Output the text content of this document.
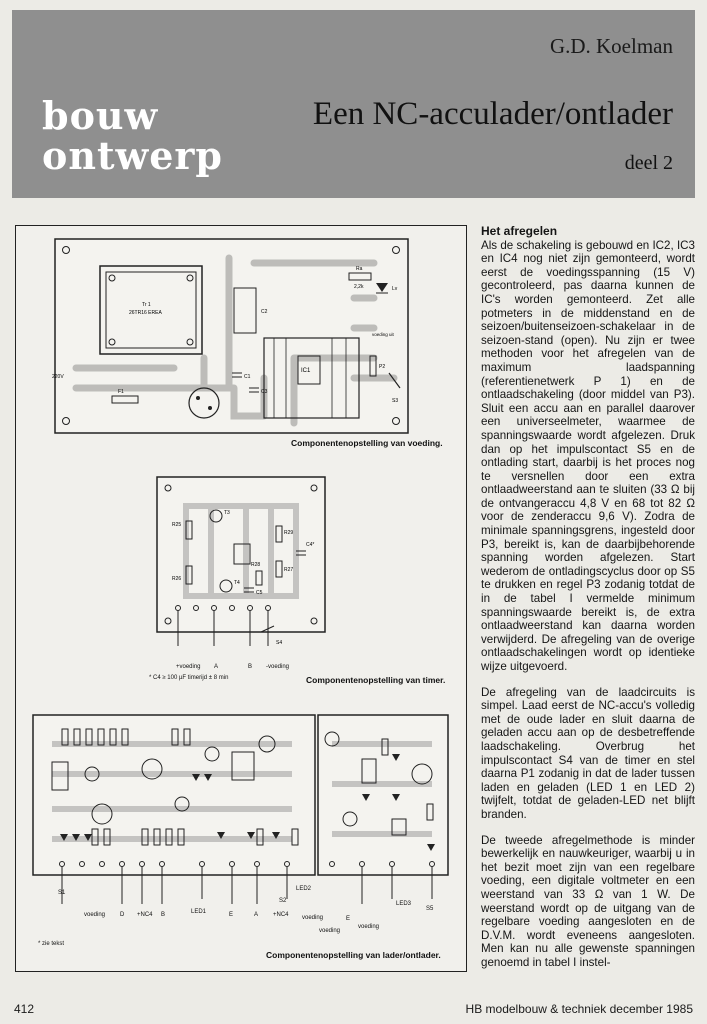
G.D. Koelman
bouw
ontwerp
Een NC-acculader/ontlader
deel 2
Tr 1
26TR16 EREA	C2
IC1
Ra
2,2k	Lv
voeding uit
C1
C3
F1
220V
P2
S3
Componentenopstelling van voeding.
T3
T4
R25
R26
R29
R27
R28
C4*
C5
S4
+voeding A	B -voeding
* C4 ≥ 100 µF timerijd ± 8 min	Componentenopstelling van timer.
S1
voeding D +NC4 B	LED1	E	A +NC4
S2
LED2
voeding
voeding
E
voeding
LED3
S5
* zie tekst
Componentenopstelling van lader/ontlader.
Het afregelen

Als de schakeling is gebouwd en IC2, IC3 en IC4 nog niet zijn gemonteerd, wordt eerst de voedingsspanning (15 V) gecontroleerd, pas daarna kunnen de IC's worden gemonteerd. Zet alle potmeters in de middenstand en de seizoen/buitenseizoen-schakelaar in de seizoen-stand (open). Nu zijn er twee methoden voor het afregelen van de maximum laadspanning (referentienetwerk P 1) en de ontlaadschakeling (door middel van P3). Sluit een accu aan en parallel daarover een universeelmeter, waarmee de spanningswaarde wordt afgelezen. Druk dan op het impulscontact S5 en de ontlading start, daarbij is het proces nog te versnellen door een extra ontlaadweerstand aan te sluiten (33 Ω bij de ontvangeraccu 4,8 V en 68 tot 82 Ω voor de zenderaccu 9,6 V). Zodra de minimale spanningsgrens, ingesteld door P3, bereikt is, kan de daarbijbehorende spanning worden afgelezen. Start wederom de ontladingscyclus door op S5 te drukken en regel P3 zodanig totdat de in de tabel I vermelde minimum spanningswaarde bereikt is, de extra ontlaadweerstand kan daarna worden verwijderd. De afregeling van de overige ontlaadschakelingen wordt op identieke wijze uitgevoerd.

De afregeling van de laadcircuits is simpel. Laad eerst de NC-accu's volledig met de oude lader en sluit daarna de geladen accu aan op de desbetreffende laadschakeling. Overbrug het impulscontact S4 van de timer en stel daarna P1 zodanig in dat de lader tussen laden en geladen (LED 1 en LED 2) twijfelt, totdat de geladen-LED net blijft branden.

De tweede afregelmethode is minder bewerkelijk en nauwkeuriger, waarbij u in het bezit moet zijn van een regelbare voeding, een digitale voltmeter en een weerstand van 33 Ω van 1 W. De weerstand wordt op de uitgang van de regelbare voeding aangesloten en de D.V.M. wordt eveneens aangesloten. Men kan nu alle gewenste spanningen genoemd in tabel I instel-

412	HB modelbouw & techniek december 1985
